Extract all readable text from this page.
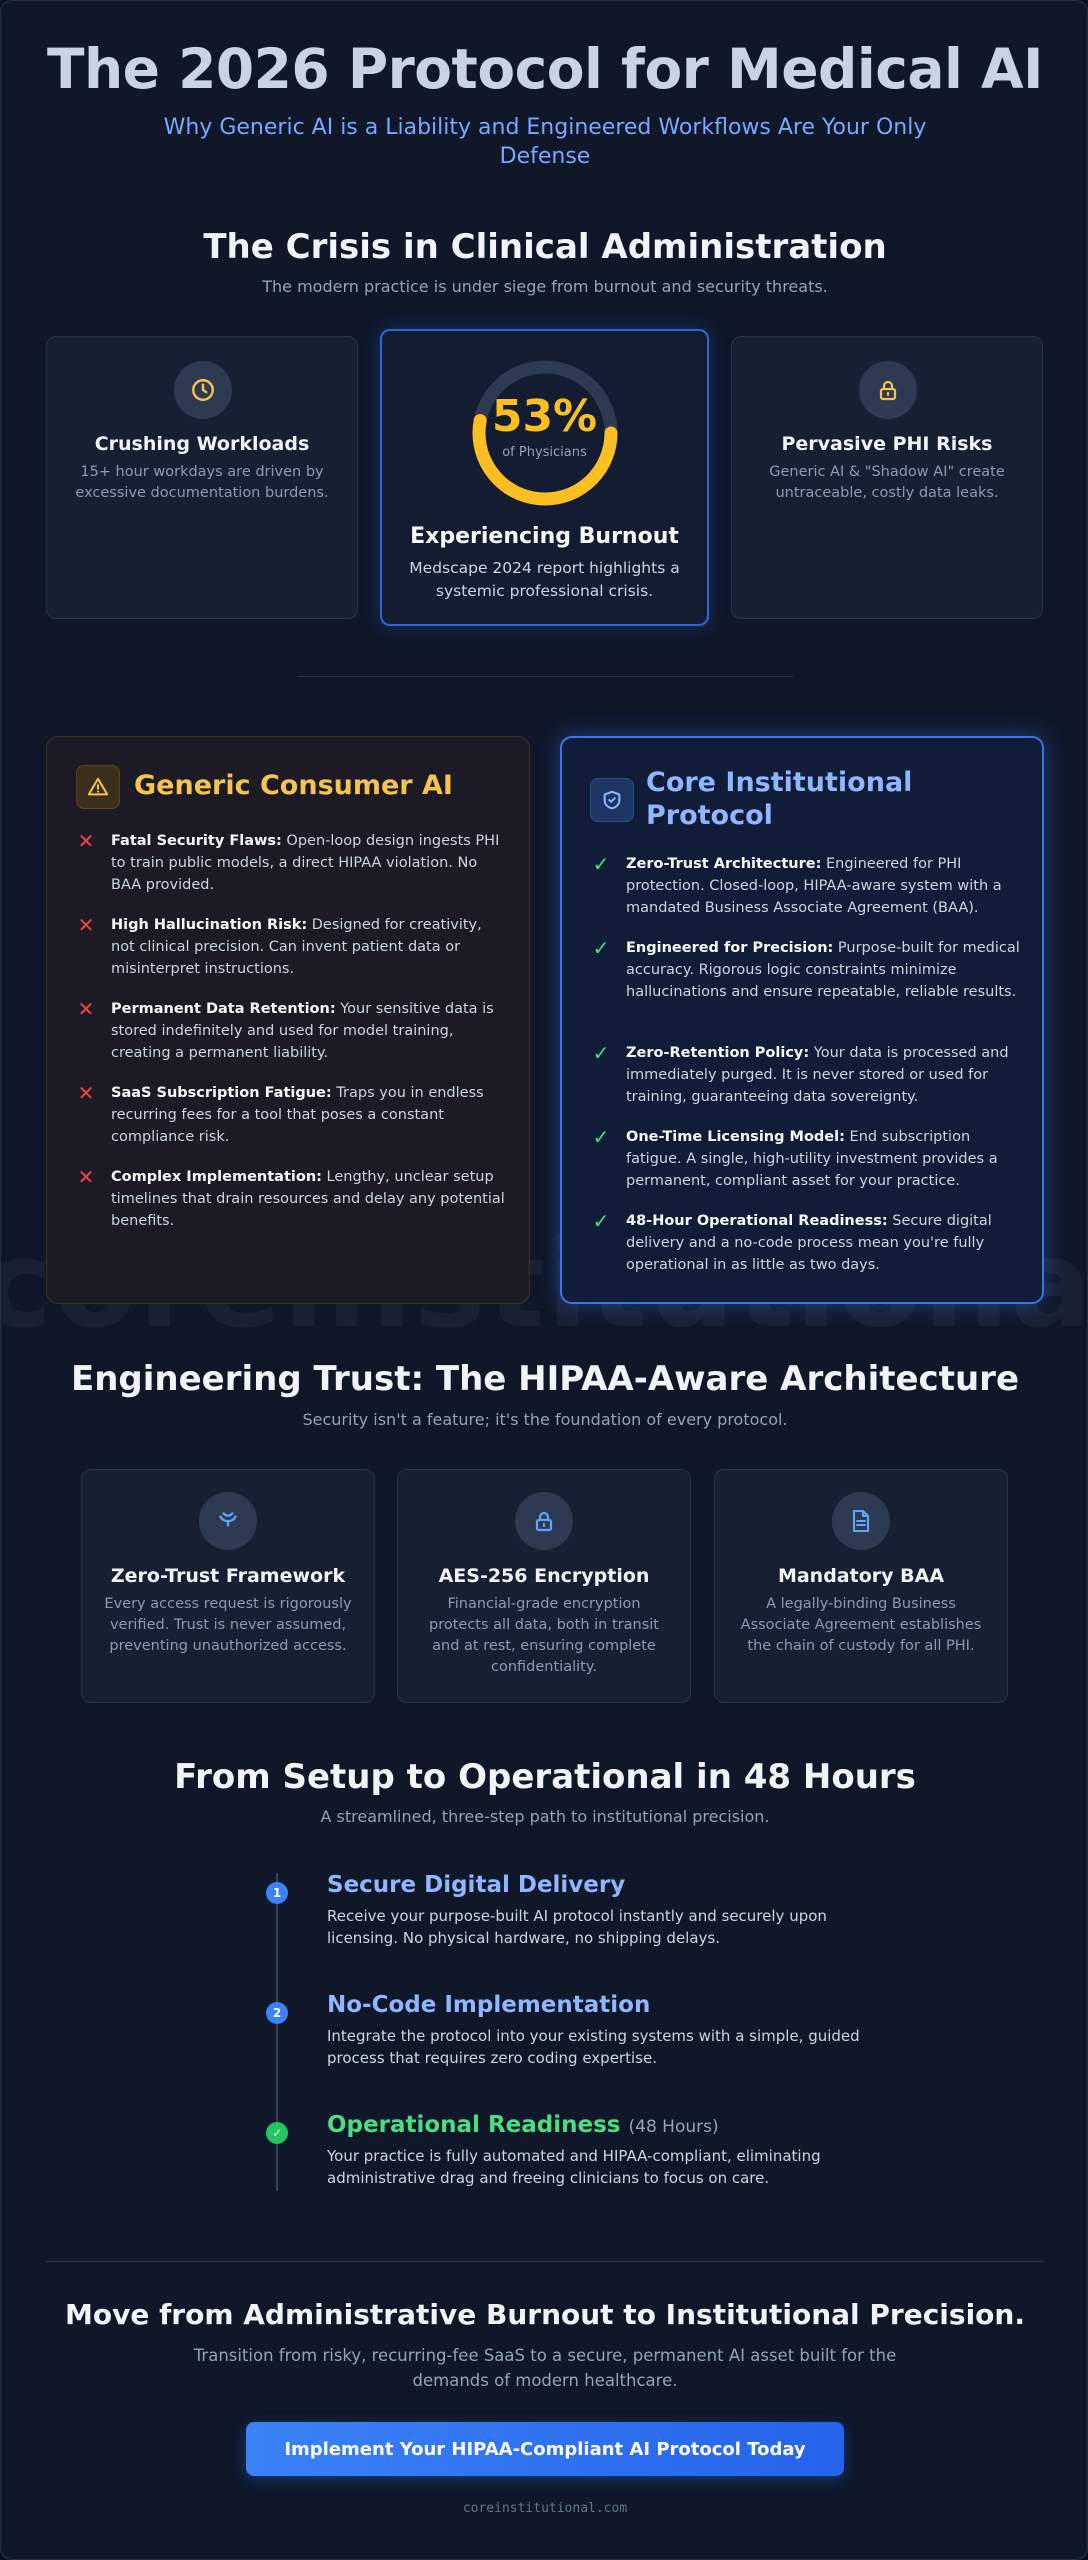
The 2026 Protocol for Medical AI
Why Generic AI is a Liability and Engineered Workflows Are Your Only Defense
The Crisis in Clinical Administration
The modern practice is under siege from burnout and security threats.
Crushing Workloads
15+ hour workdays are driven by excessive documentation burdens.
53%
of Physicians
Experiencing Burnout
Medscape 2024 report highlights a systemic professional crisis.
Pervasive PHI Risks
Generic AI & "Shadow AI" create untraceable, costly data leaks.
Generic Consumer AI
✕ Fatal Security Flaws: Open-loop design ingests PHI to train public models, a direct HIPAA violation. No BAA provided.
✕ High Hallucination Risk: Designed for creativity, not clinical precision. Can invent patient data or misinterpret instructions.
✕ Permanent Data Retention: Your sensitive data is stored indefinitely and used for model training, creating a permanent liability.
✕ SaaS Subscription Fatigue: Traps you in endless recurring fees for a tool that poses a constant compliance risk.
✕ Complex Implementation: Lengthy, unclear setup timelines that drain resources and delay any potential benefits.
Core Institutional Protocol
✓ Zero-Trust Architecture: Engineered for PHI protection. Closed-loop, HIPAA-aware system with a mandated Business Associate Agreement (BAA).
✓ Engineered for Precision: Purpose-built for medical accuracy. Rigorous logic constraints minimize hallucinations and ensure repeatable, reliable results.
✓ Zero-Retention Policy: Your data is processed and immediately purged. It is never stored or used for training, guaranteeing data sovereignty.
✓ One-Time Licensing Model: End subscription fatigue. A single, high-utility investment provides a permanent, compliant asset for your practice.
✓ 48-Hour Operational Readiness: Secure digital delivery and a no-code process mean you're fully operational in as little as two days.
Engineering Trust: The HIPAA-Aware Architecture
Security isn't a feature; it's the foundation of every protocol.
Zero-Trust Framework
Every access request is rigorously verified. Trust is never assumed, preventing unauthorized access.
AES-256 Encryption
Financial-grade encryption protects all data, both in transit and at rest, ensuring complete confidentiality.
Mandatory BAA
A legally-binding Business Associate Agreement establishes the chain of custody for all PHI.
From Setup to Operational in 48 Hours
A streamlined, three-step path to institutional precision.
1 Secure Digital Delivery
Receive your purpose-built AI protocol instantly and securely upon licensing. No physical hardware, no shipping delays.
2 No-Code Implementation
Integrate the protocol into your existing systems with a simple, guided process that requires zero coding expertise.
✓ Operational Readiness (48 Hours)
Your practice is fully automated and HIPAA-compliant, eliminating administrative drag and freeing clinicians to focus on care.
Move from Administrative Burnout to Institutional Precision.
Transition from risky, recurring-fee SaaS to a secure, permanent AI asset built for the demands of modern healthcare.
Implement Your HIPAA-Compliant AI Protocol Today
coreinstitutional.com
